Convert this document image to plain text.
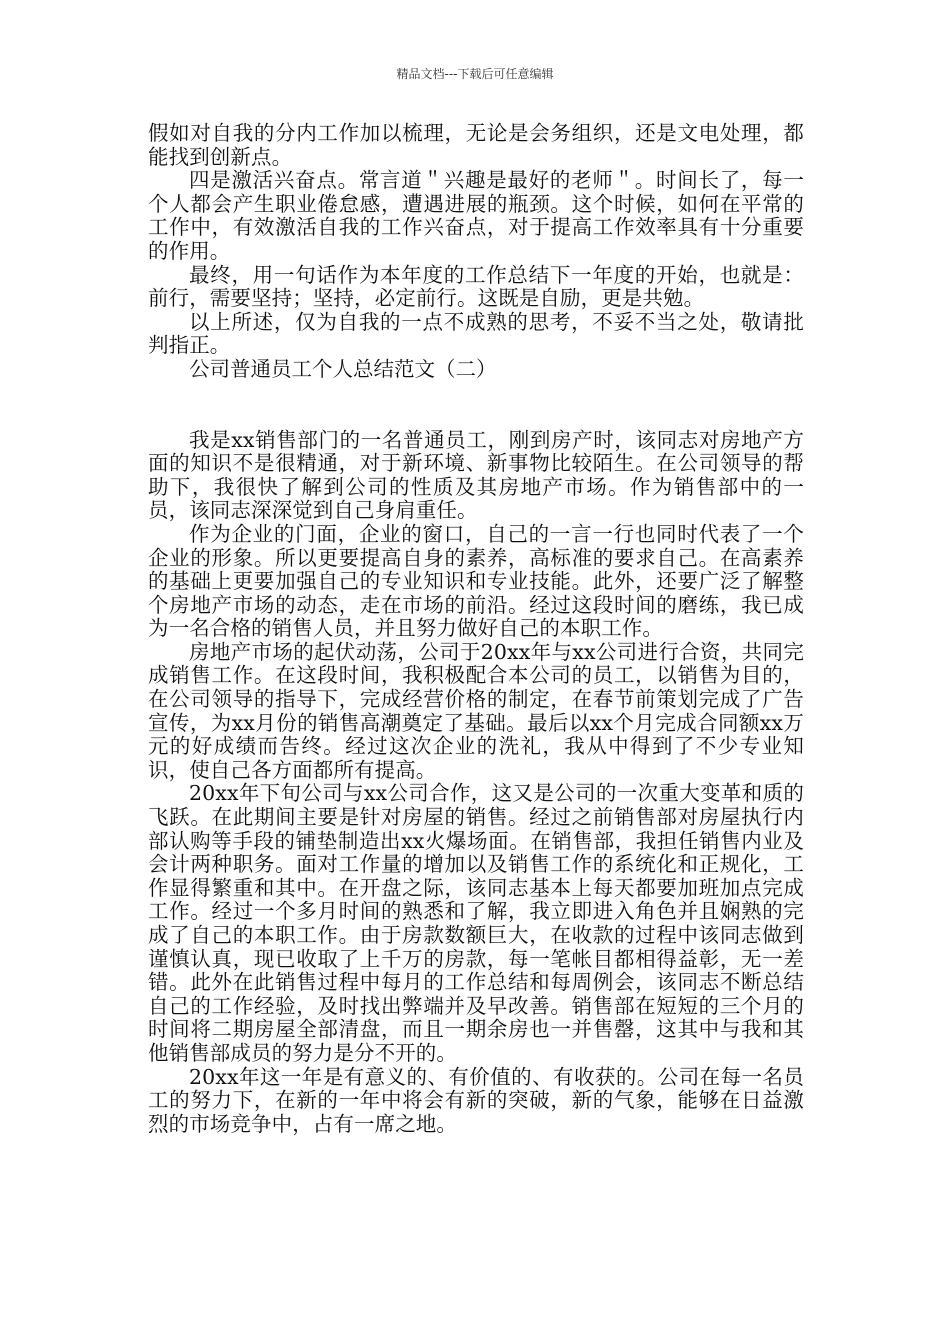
精品文档---下载后可任意编辑

假如对自我的分内工作加以梳理，无论是会务组织，还是文电处理，都能找到创新点。

四是激活兴奋点。常言道＂兴趣是最好的老师＂。时间长了，每一个人都会产生职业倦怠感，遭遇进展的瓶颈。这个时候，如何在平常的工作中，有效激活自我的工作兴奋点，对于提高工作效率具有十分重要的作用。

最终，用一句话作为本年度的工作总结下一年度的开始，也就是：前行，需要坚持；坚持，必定前行。这既是自励，更是共勉。

以上所述，仅为自我的一点不成熟的思考，不妥不当之处，敬请批判指正。

公司普通员工个人总结范文（二）

我是xx销售部门的一名普通员工，刚到房产时，该同志对房地产方面的知识不是很精通，对于新环境、新事物比较陌生。在公司领导的帮助下，我很快了解到公司的性质及其房地产市场。作为销售部中的一员，该同志深深觉到自己身肩重任。

作为企业的门面，企业的窗口，自己的一言一行也同时代表了一个企业的形象。所以更要提高自身的素养，高标准的要求自己。在高素养的基础上更要加强自己的专业知识和专业技能。此外，还要广泛了解整个房地产市场的动态，走在市场的前沿。经过这段时间的磨练，我已成为一名合格的销售人员，并且努力做好自己的本职工作。

房地产市场的起伏动荡，公司于20xx年与xx公司进行合资，共同完成销售工作。在这段时间，我积极配合本公司的员工，以销售为目的，在公司领导的指导下，完成经营价格的制定，在春节前策划完成了广告宣传，为xx月份的销售高潮奠定了基础。最后以xx个月完成合同额xx万元的好成绩而告终。经过这次企业的洗礼，我从中得到了不少专业知识，使自己各方面都所有提高。

20xx年下旬公司与xx公司合作，这又是公司的一次重大变革和质的飞跃。在此期间主要是针对房屋的销售。经过之前销售部对房屋执行内部认购等手段的铺垫制造出xx火爆场面。在销售部，我担任销售内业及会计两种职务。面对工作量的增加以及销售工作的系统化和正规化，工作显得繁重和其中。在开盘之际，该同志基本上每天都要加班加点完成工作。经过一个多月时间的熟悉和了解，我立即进入角色并且娴熟的完成了自己的本职工作。由于房款数额巨大，在收款的过程中该同志做到谨慎认真，现已收取了上千万的房款，每一笔帐目都相得益彰，无一差错。此外在此销售过程中每月的工作总结和每周例会，该同志不断总结自己的工作经验，及时找出弊端并及早改善。销售部在短短的三个月的时间将二期房屋全部清盘，而且一期余房也一并售罄，这其中与我和其他销售部成员的努力是分不开的。

20xx年这一年是有意义的、有价值的、有收获的。公司在每一名员工的努力下，在新的一年中将会有新的突破，新的气象，能够在日益激烈的市场竞争中，占有一席之地。
